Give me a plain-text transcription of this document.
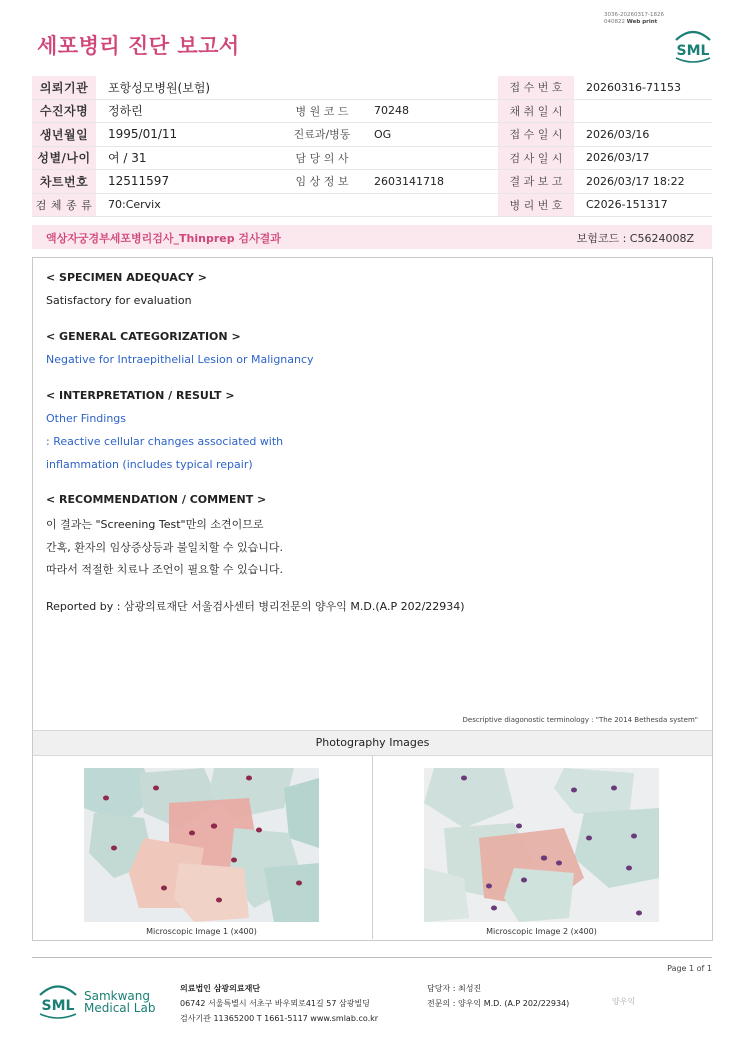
세포병리 진단 보고서
3036-20260317-1826
040822 Web print
SML
의뢰기관	포항성모병원(보험)			접 수 번 호	20260316-71153
수진자명	정하린	병 원 코 드	70248	채 취 일 시	
생년월일	1995/01/11	진료과/병동	OG	접 수 일 시	2026/03/16
성별/나이	여 / 31	담 당 의 사		검 사 일 시	2026/03/17
차트번호	12511597	임 상 정 보	2603141718	결 과 보 고	2026/03/17 18:22
검 체 종 류	70:Cervix			병 리 번 호	C2026-151317
액상자궁경부세포병리검사_Thinprep 검사결과	보험코드 : C5624008Z
< SPECIMEN ADEQUACY >
Satisfactory for evaluation
< GENERAL CATEGORIZATION >
Negative for Intraepithelial Lesion or Malignancy
< INTERPRETATION / RESULT >
Other Findings
: Reactive cellular changes associated with
inflammation (includes typical repair)
< RECOMMENDATION / COMMENT >
이 결과는 "Screening Test"만의 소견이므로
간혹, 환자의 임상증상등과 불일치할 수 있습니다.
따라서 적절한 치료나 조언이 필요할 수 있습니다.
Reported by : 삼광의료재단 서울검사센터 병리전문의 양우익 M.D.(A.P 202/22934)
Descriptive diagonostic terminology : "The 2014 Bethesda system"
Photography Images
Microscopic Image 1 (x400)	Microscopic Image 2 (x400)
Page 1 of 1
SML
Samkwang
Medical Lab
의료법인 삼광의료재단
06742 서울특별시 서초구 바우뫼로41길 57 삼광빌딩
검사기관 11365200 T 1661-5117 www.smlab.co.kr
담당자 : 최성진
전문의 : 양우익 M.D. (A.P 202/22934)	양우익
